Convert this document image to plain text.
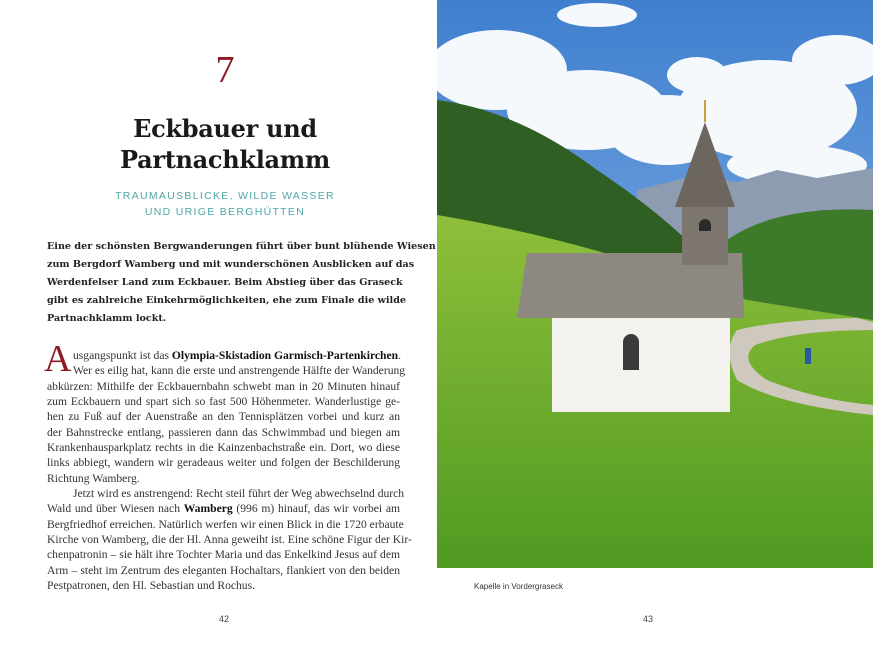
7
Eckbauer und
Partnachklamm
TRAUMAUSBLICKE, WILDE WASSER
UND URIGE BERGHÜTTEN
Eine der schönsten Bergwanderungen führt über bunt blühende Wiesen
zum Bergdorf Wamberg und mit wunderschönen Ausblicken auf das
Werdenfelser Land zum Eckbauer. Beim Abstieg über das Graseck
gibt es zahlreiche Einkehrmöglichkeiten, ehe zum Finale die wilde
Partnachklamm lockt.
A usgangspunkt ist das Olympia-Skistadion Garmisch-Partenkirchen.
Wer es eilig hat, kann die erste und anstrengende Hälfte der Wanderung
abkürzen: Mithilfe der Eckbauernbahn schwebt man in 20 Minuten hinauf
zum Eckbauern und spart sich so fast 500 Höhenmeter. Wanderlustige ge-
hen zu Fuß auf der Auenstraße an den Tennisplätzen vorbei und kurz an
der Bahnstrecke entlang, passieren dann das Schwimmbad und biegen am
Krankenhausparkplatz rechts in die Kainzenbachstraße ein. Dort, wo diese
links abbiegt, wandern wir geradeaus weiter und folgen der Beschilderung
Richtung Wamberg.
Jetzt wird es anstrengend: Recht steil führt der Weg abwechselnd durch
Wald und über Wiesen nach Wamberg (996 m) hinauf, das wir vorbei am
Bergfriedhof erreichen. Natürlich werfen wir einen Blick in die 1720 erbaute
Kirche von Wamberg, die der Hl. Anna geweiht ist. Eine schöne Figur der Kir-
chenpatronin – sie hält ihre Tochter Maria und das Enkelkind Jesus auf dem
Arm – steht im Zentrum des eleganten Hochaltars, flankiert von den beiden
Pestpatronen, den Hl. Sebastian und Rochus.
42
Kapelle in Vordergraseck
43
